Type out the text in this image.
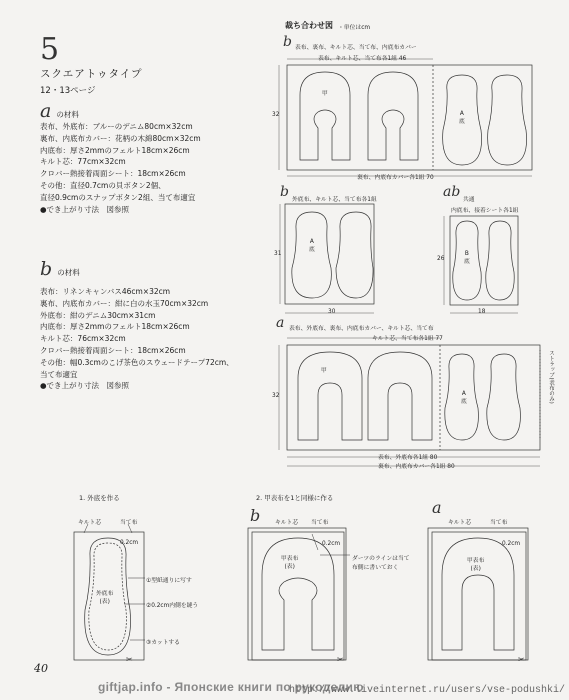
5
スクエアトゥタイプ
12・13ページ
a の材料
表布、外底布：ブルーのデニム80cm×32cm
裏布、内底布カバー：花柄の木綿80cm×32cm
内底布：厚さ2mmのフェルト18cm×26cm
キルト芯：77cm×32cm
クロバー熱接着両面シート：18cm×26cm
その他：直径0.7cmの貝ボタン2個、
直径0.9cmのスナップボタン2組、当て布適宜
●でき上がり寸法　図参照
b の材料
表布：リネンキャンバス46cm×32cm
裏布、内底布カバー：紺に白の水玉70cm×32cm
外底布：紺のデニム30cm×31cm
内底布：厚さ2mmのフェルト18cm×26cm
キルト芯：76cm×32cm
クロバー熱接着両面シート：18cm×26cm
その他：幅0.3cmのこげ茶色のスウェードテープ72cm、
当て布適宜
●でき上がり寸法　図参照
裁ち合わせ図 ・単位はcm
b 表布、裏布、キルト芯、当て布、内底布カバー
表布、キルト芯、当て布各1組 46
32
甲
A
底
裏布、内底布カバー各1組 70
b 外底布、キルト芯、当て布各1組
31
A
底
30
ab 共通
内底布、接着シート各1組
26
B
底
18
a 表布、外底布、裏布、内底布カバー、キルト芯、当て布
キルト芯、当て布各1組 77
32
甲
A
底	ストラップ(表布のみ)
表布、外底布各1組 80
裏布、内底布カバー各1組 80
1. 外底を作る
キルト芯	当て布
0.2cm
外底布
(表)
①型紙通りに写す
②0.2cm内側を縫う
③カットする
b
2. 甲表布を1と同様に作る
キルト芯 当て布
0.2cm
甲表布
(表)
ダーツのラインは当て布側に書いておく
a
キルト芯	当て布
0.2cm
甲表布
(表)
40
giftjap.info - Японские книги по рукоделию
http://www.liveinternet.ru/users/vse-podushki/
✂	✂	✂
